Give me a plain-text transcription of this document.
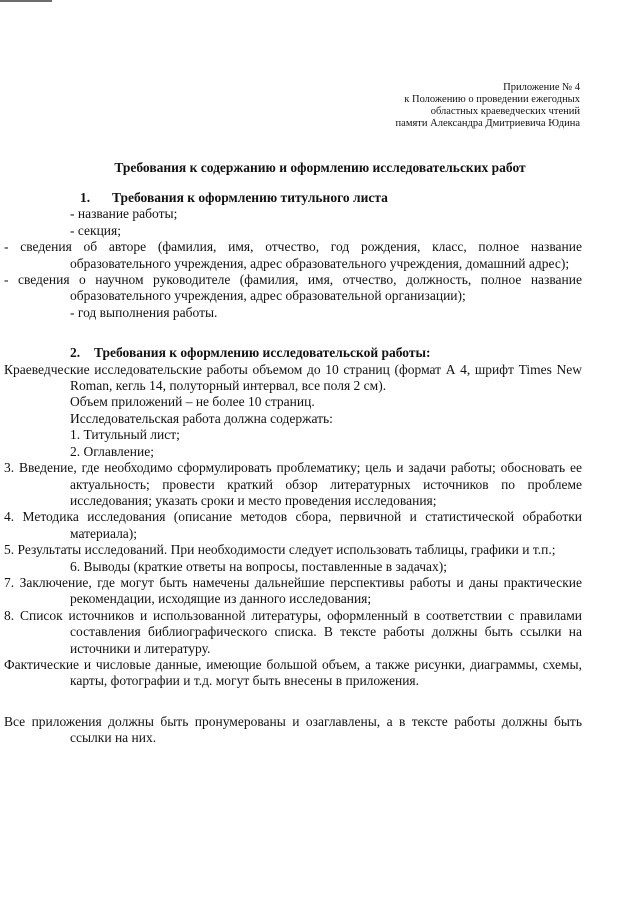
Приложение № 4
к Положению о проведении ежегодных
областных краеведческих чтений
памяти Александра Дмитриевича Юдина
Требования к содержанию и оформлению исследовательских работ

1. Требования к оформлению титульного листа

- название работы;

- секция;

- сведения об авторе (фамилия, имя, отчество, год рождения, класс, полное название образовательного учреждения, адрес образовательного учреждения, домашний адрес);

- сведения о научном руководителе (фамилия, имя, отчество, должность, полное название образовательного учреждения, адрес образовательной организации);

- год выполнения работы.

2. Требования к оформлению исследовательской работы:

Краеведческие исследовательские работы объемом до 10 страниц (формат А 4, шрифт Times New Roman, кегль 14, полуторный интервал, все поля 2 см).

Объем приложений – не более 10 страниц.

Исследовательская работа должна содержать:

1. Титульный лист;

2. Оглавление;

3. Введение, где необходимо сформулировать проблематику; цель и задачи работы; обосновать ее актуальность; провести краткий обзор литературных источников по проблеме исследования; указать сроки и место проведения исследования;

4. Методика исследования (описание методов сбора, первичной и статистической обработки материала);

5. Результаты исследований. При необходимости следует использовать таблицы, графики и т.п.;

6. Выводы (краткие ответы на вопросы, поставленные в задачах);

7. Заключение, где могут быть намечены дальнейшие перспективы работы и даны практические рекомендации, исходящие из данного исследования;

8. Список источников и использованной литературы, оформленный в соответствии с правилами составления библиографического списка. В тексте работы должны быть ссылки на источники и литературу.

Фактические и числовые данные, имеющие большой объем, а также рисунки, диаграммы, схемы, карты, фотографии и т.д. могут быть внесены в приложения.

Все приложения должны быть пронумерованы и озаглавлены, а в тексте работы должны быть ссылки на них.
